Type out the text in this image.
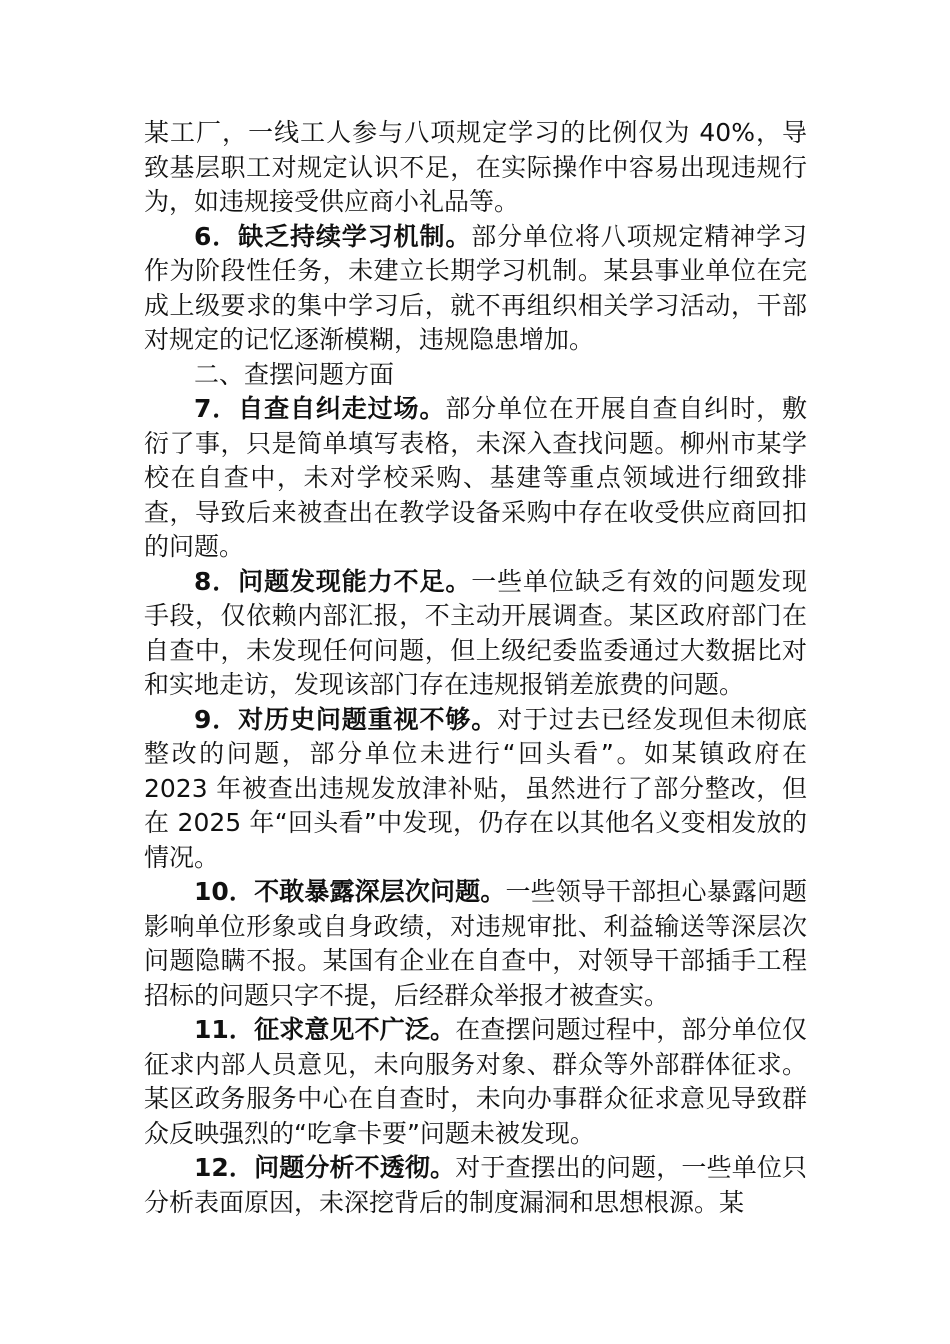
某工厂，一线工人参与八项规定学习的比例仅为 40%，导致基层职工对规定认识不足，在实际操作中容易出现违规行为，如违规接受供应商小礼品等。

6．缺乏持续学习机制。部分单位将八项规定精神学习作为阶段性任务，未建立长期学习机制。某县事业单位在完成上级要求的集中学习后，就不再组织相关学习活动，干部对规定的记忆逐渐模糊，违规隐患增加。

二、查摆问题方面

7．自查自纠走过场。部分单位在开展自查自纠时，敷衍了事，只是简单填写表格，未深入查找问题。柳州市某学校在自查中，未对学校采购、基建等重点领域进行细致排查，导致后来被查出在教学设备采购中存在收受供应商回扣的问题。

8．问题发现能力不足。一些单位缺乏有效的问题发现手段，仅依赖内部汇报，不主动开展调查。某区政府部门在自查中，未发现任何问题，但上级纪委监委通过大数据比对和实地走访，发现该部门存在违规报销差旅费的问题。

9．对历史问题重视不够。对于过去已经发现但未彻底整改的问题，部分单位未进行“回头看”。如某镇政府在 2023 年被查出违规发放津补贴，虽然进行了部分整改，但在 2025 年“回头看”中发现，仍存在以其他名义变相发放的情况。

10．不敢暴露深层次问题。一些领导干部担心暴露问题影响单位形象或自身政绩，对违规审批、利益输送等深层次问题隐瞒不报。某国有企业在自查中，对领导干部插手工程招标的问题只字不提，后经群众举报才被查实。

11．征求意见不广泛。在查摆问题过程中，部分单位仅征求内部人员意见，未向服务对象、群众等外部群体征求。某区政务服务中心在自查时，未向办事群众征求意见导致群众反映强烈的“吃拿卡要”问题未被发现。

12．问题分析不透彻。对于查摆出的问题，一些单位只分析表面原因，未深挖背后的制度漏洞和思想根源。某
